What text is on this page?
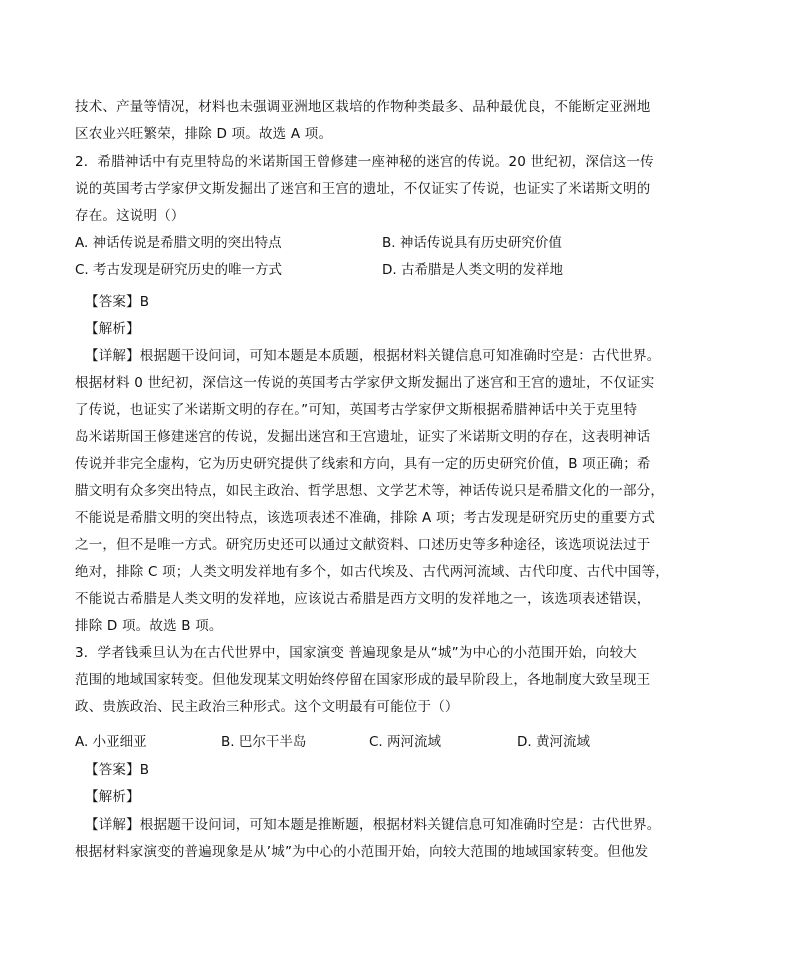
技术、产量等情况，材料也未强调亚洲地区栽培的作物种类最多、品种最优良，不能断定亚洲地
区农业兴旺繁荣，排除 D 项。故选 A 项。
2．希腊神话中有克里特岛的米诺斯国王曾修建一座神秘的迷宫的传说。20 世纪初，深信这一传
说的英国考古学家伊文斯发掘出了迷宫和王宫的遗址，不仅证实了传说，也证实了米诺斯文明的
存在。这说明（）
A. 神话传说是希腊文明的突出特点	B. 神话传说具有历史研究价值
C. 考古发现是研究历史的唯一方式	D. 古希腊是人类文明的发祥地
【答案】B
【解析】
【详解】根据题干设问词，可知本题是本质题，根据材料关键信息可知准确时空是：古代世界。
根据材料 0 世纪初，深信这一传说的英国考古学家伊文斯发掘出了迷宫和王宫的遗址，不仅证实
了传说，也证实了米诺斯文明的存在。”可知，英国考古学家伊文斯根据希腊神话中关于克里特
岛米诺斯国王修建迷宫的传说，发掘出迷宫和王宫遗址，证实了米诺斯文明的存在，这表明神话
传说并非完全虚构，它为历史研究提供了线索和方向，具有一定的历史研究价值，B 项正确；希
腊文明有众多突出特点，如民主政治、哲学思想、文学艺术等，神话传说只是希腊文化的一部分，
不能说是希腊文明的突出特点，该选项表述不准确，排除 A 项；考古发现是研究历史的重要方式
之一，但不是唯一方式。研究历史还可以通过文献资料、口述历史等多种途径，该选项说法过于
绝对，排除 C 项；人类文明发祥地有多个，如古代埃及、古代两河流域、古代印度、古代中国等，
不能说古希腊是人类文明的发祥地，应该说古希腊是西方文明的发祥地之一，该选项表述错误，
排除 D 项。故选 B 项。
3．学者钱乘旦认为在古代世界中，国家演变 普遍现象是从“城”为中心的小范围开始，向较大
范围的地域国家转变。但他发现某文明始终停留在国家形成的最早阶段上，各地制度大致呈现王
政、贵族政治、民主政治三种形式。这个文明最有可能位于（）
A. 小亚细亚	B. 巴尔干半岛	C. 两河流域	D. 黄河流域
【答案】B
【解析】
【详解】根据题干设问词，可知本题是推断题，根据材料关键信息可知准确时空是：古代世界。
根据材料家演变的普遍现象是从’城”为中心的小范围开始，向较大范围的地域国家转变。但他发
